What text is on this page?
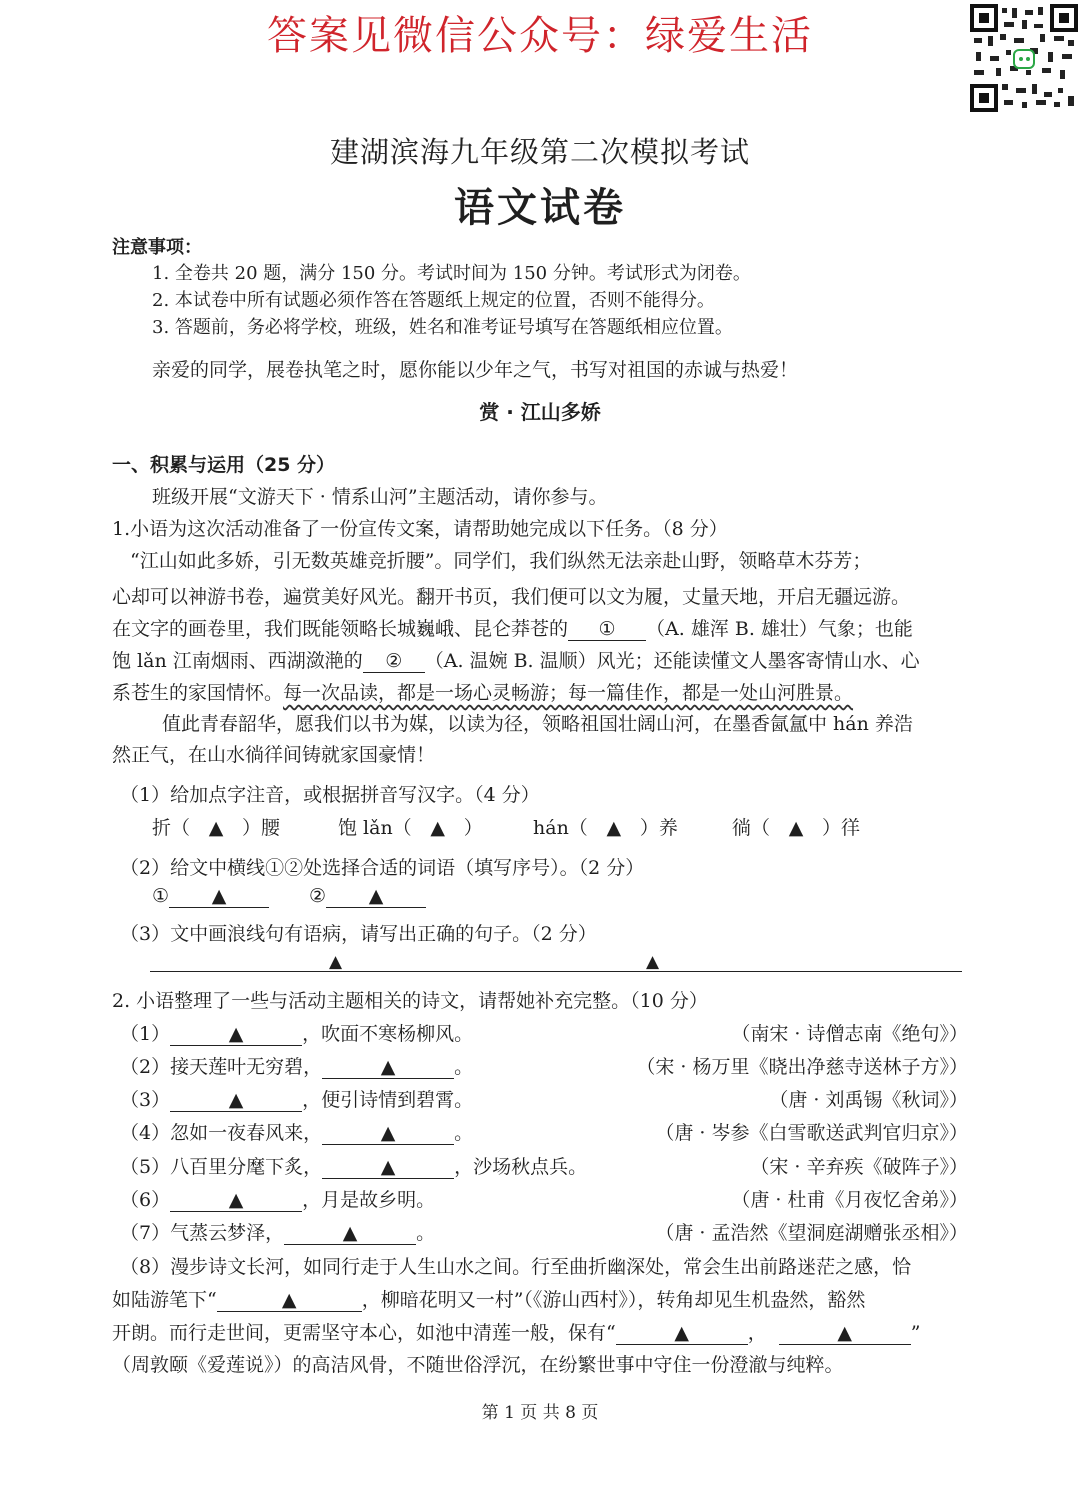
答案见微信公众号：绿爱生活
建湖滨海九年级第二次模拟考试
语文试卷
注意事项：
1. 全卷共 20 题，满分 150 分。考试时间为 150 分钟。考试形式为闭卷。
2. 本试卷中所有试题必须作答在答题纸上规定的位置，否则不能得分。
3. 答题前，务必将学校，班级，姓名和准考证号填写在答题纸相应位置。
亲爱的同学，展卷执笔之时，愿你能以少年之气，书写对祖国的赤诚与热爱！
赏 · 江山多娇
一、积累与运用（25 分）
班级开展“文游天下 · 情系山河”主题活动，请你参与。
1.小语为这次活动准备了一份宣传文案，请帮助她完成以下任务。（8 分）
“江山如此多娇，引无数英雄竞折腰”。同学们，我们纵然无法亲赴山野，领略草木芬芳；
心却可以神游书卷，遍赏美好风光。翻开书页，我们便可以文为履，丈量天地，开启无疆远游。
在文字的画卷里，我们既能领略长城巍峨、昆仑莽苍的 ① （A. 雄浑 B. 雄壮）气象；也能
饱 lǎn 江南烟雨、西湖潋滟的 ② （A. 温婉 B. 温顺）风光；还能读懂文人墨客寄情山水、心
系苍生的家国情怀。每一次品读，都是一场心灵畅游；每一篇佳作，都是一处山河胜景。
值此青春韶华，愿我们以书为媒，以读为径，领略祖国壮阔山河，在墨香氤氲中 hán 养浩
然正气，在山水徜徉间铸就家国豪情！
（1）给加点字注音，或根据拼音写汉字。（4 分）
折（ ▲ ）腰	饱 lǎn（ ▲ ）	hán（ ▲ ）养	徜（ ▲ ）徉
（2）给文中横线①②处选择合适的词语（填写序号）。（2 分）
① ▲	② ▲
（3）文中画浪线句有语病，请写出正确的句子。（2 分）
▲	▲
2. 小语整理了一些与活动主题相关的诗文，请帮她补充完整。（10 分）
（1）	▲	，吹面不寒杨柳风。	（南宋 · 诗僧志南《绝句》）
（2）接天莲叶无穷碧，	▲	。	（宋 · 杨万里《晓出净慈寺送林子方》）
（3）	▲	，便引诗情到碧霄。	（唐 · 刘禹锡《秋词》）
（4）忽如一夜春风来，	▲	。	（唐 · 岑参《白雪歌送武判官归京》）
（5）八百里分麾下炙，	▲	，沙场秋点兵。	（宋 · 辛弃疾《破阵子》）
（6）	▲	，月是故乡明。	（唐 · 杜甫《月夜忆舍弟》）
（7）气蒸云梦泽，	▲	。	（唐 · 孟浩然《望洞庭湖赠张丞相》）
（8）漫步诗文长河，如同行走于人生山水之间。行至曲折幽深处，常会生出前路迷茫之感，恰
如陆游笔下“	▲	，柳暗花明又一村”（《游山西村》），转角却见生机盎然，豁然
开朗。而行走世间，更需坚守本心，如池中清莲一般，保有“	▲	，	▲	”
（周敦颐《爱莲说》）的高洁风骨，不随世俗浮沉，在纷繁世事中守住一份澄澈与纯粹。
第 1 页 共 8 页
